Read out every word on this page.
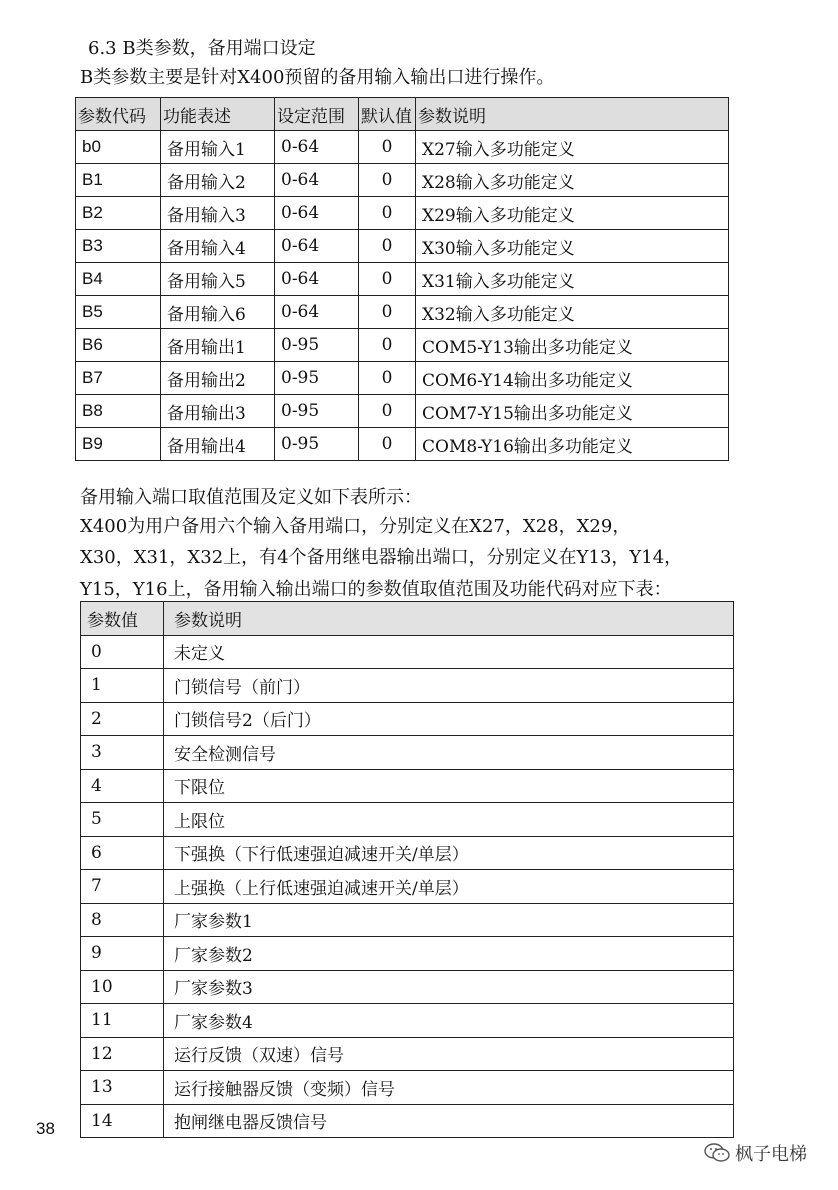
6.3 B类参数，备用端口设定
B类参数主要是针对X400预留的备用输入输出口进行操作。
参数代码	功能表述	设定范围	默认值	参数说明
b0	备用输入1	0-64	0	X27输入多功能定义
B1	备用输入2	0-64	0	X28输入多功能定义
B2	备用输入3	0-64	0	X29输入多功能定义
B3	备用输入4	0-64	0	X30输入多功能定义
B4	备用输入5	0-64	0	X31输入多功能定义
B5	备用输入6	0-64	0	X32输入多功能定义
B6	备用输出1	0-95	0	COM5-Y13输出多功能定义
B7	备用输出2	0-95	0	COM6-Y14输出多功能定义
B8	备用输出3	0-95	0	COM7-Y15输出多功能定义
B9	备用输出4	0-95	0	COM8-Y16输出多功能定义
备用输入端口取值范围及定义如下表所示：
X400为用户备用六个输入备用端口，分别定义在X27，X28，X29，
X30，X31，X32上，有4个备用继电器输出端口，分别定义在Y13，Y14，
Y15，Y16上，备用输入输出端口的参数值取值范围及功能代码对应下表：
参数值	参数说明
0	未定义
1	门锁信号（前门）
2	门锁信号2（后门）
3	安全检测信号
4	下限位
5	上限位
6	下强换（下行低速强迫减速开关/单层）
7	上强换（上行低速强迫减速开关/单层）
8	厂家参数1
9	厂家参数2
10	厂家参数3
11	厂家参数4
12	运行反馈（双速）信号
13	运行接触器反馈（变频）信号
14	抱闸继电器反馈信号
38
枫子电梯
